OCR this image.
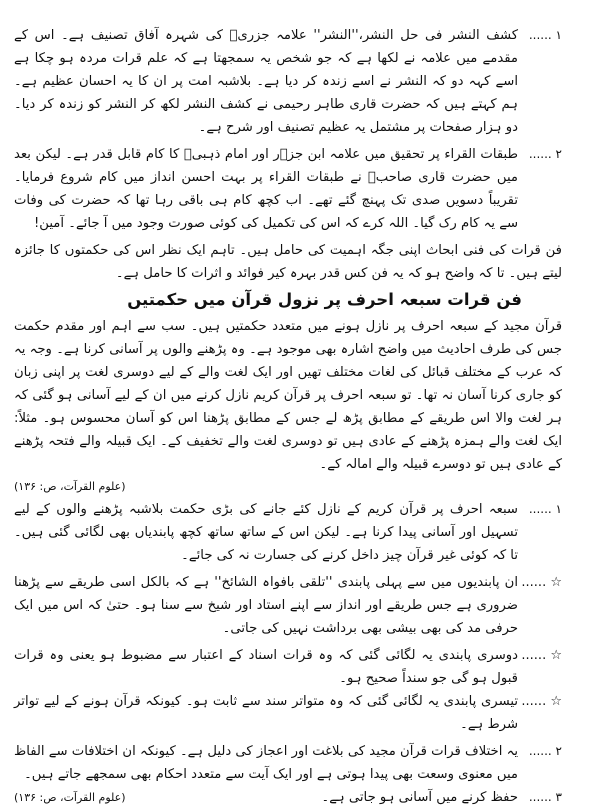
۱ ......

کشف النشر فی حل النشر،''النشر'' علامہ جزریؒ کی شہرہ آفاق تصنیف ہے۔ اس کے مقدمے میں علامہ نے لکھا ہے کہ جو شخص یہ سمجھتا ہے کہ علم قرات مردہ ہو چکا ہے اسے کہہ دو کہ النشر نے اسے زندہ کر دیا ہے۔ بلاشبہ امت پر ان کا یہ احسان عظیم ہے۔ ہم کہتے ہیں کہ حضرت قاری طاہر رحیمی نے کشف النشر لکھ کر النشر کو زندہ کر دیا۔ دو ہزار صفحات پر مشتمل یہ عظیم تصنیف اور شرح ہے۔

۲ ......

طبقات القراء پر تحقیق میں علامہ ابن جزؒر اور امام ذہبیؒ کا کام قابل قدر ہے۔ لیکن بعد میں حضرت قاری صاحبؒ نے طبقات القراء پر بہت احسن انداز میں کام شروع فرمایا۔ تقریباً دسویں صدی تک پہنچ گئے تھے۔ اب کچھ کام ہی باقی رہا تھا کہ حضرت کی وفات سے یہ کام رک گیا۔ اللہ کرے کہ اس کی تکمیل کی کوئی صورت وجود میں آ جائے۔ آمین!

فن قرات کی فنی ابحاث اپنی جگہ اہمیت کی حامل ہیں۔ تاہم ایک نظر اس کی حکمتوں کا جائزہ لیتے ہیں۔ تا کہ واضح ہو کہ یہ فن کس قدر بہرہ کیر فوائد و اثرات کا حامل ہے۔

فن قرات سبعہ احرف پر نزول قرآن میں حکمتیں

قرآن مجید کے سبعہ احرف پر نازل ہونے میں متعدد حکمتیں ہیں۔ سب سے اہم اور مقدم حکمت جس کی طرف احادیث میں واضح اشارہ بھی موجود ہے۔ وہ پڑھنے والوں پر آسانی کرنا ہے۔ وجہ یہ کہ عرب کے مختلف قبائل کی لغات مختلف تھیں اور ایک لغت والے کے لیے دوسری لغت پر اپنی زبان کو جاری کرنا آسان نہ تھا۔ تو سبعہ احرف پر قرآن کریم نازل کرنے میں ان کے لیے آسانی ہو گئی کہ ہر لغت والا اس طریقے کے مطابق پڑھ لے جس کے مطابق پڑھنا اس کو آسان محسوس ہو۔ مثلاً: ایک لغت والے ہمزہ پڑھنے کے عادی ہیں تو دوسری لغت والے تخفیف کے۔ ایک قبیلہ والے فتحہ پڑھنے کے عادی ہیں تو دوسرے قبیلہ والے امالہ کے۔

(علوم القرآت، ص: ۱۳۶)

۱ ......

سبعہ احرف پر قرآن کریم کے نازل کئے جانے کی بڑی حکمت بلاشبہ پڑھنے والوں کے لیے تسہیل اور آسانی پیدا کرنا ہے۔ لیکن اس کے ساتھ ساتھ کچھ پابندیاں بھی لگائی گئی ہیں۔ تا کہ کوئی غیر قرآن چیز داخل کرنے کی جسارت نہ کی جائے۔

☆ ......

ان پابندیوں میں سے پہلی پابندی ''تلقی بافواہ الشائخ'' ہے کہ بالکل اسی طریقے سے پڑھنا ضروری ہے جس طریقے اور انداز سے اپنے استاد اور شیخ سے سنا ہو۔ حتیٰ کہ اس میں ایک حرفی مد کی بھی بیشی بھی برداشت نہیں کی جاتی۔

☆ ......

دوسری پابندی یہ لگائی گئی کہ وہ قرات اسناد کے اعتبار سے مضبوط ہو یعنی وہ قرات قبول ہو گی جو سنداً صحیح ہو۔

☆ ......

تیسری پابندی یہ لگائی گئی کہ وہ متواتر سند سے ثابت ہو۔ کیونکہ قرآن ہونے کے لیے تواتر شرط ہے۔

۲ ......

یہ اختلاف قرات قرآن مجید کی بلاغت اور اعجاز کی دلیل ہے۔ کیونکہ ان اختلافات سے الفاظ میں معنوی وسعت بھی پیدا ہوتی ہے اور ایک آیت سے متعدد احکام بھی سمجھے جاتے ہیں۔

۳ ......
حفظ کرنے میں آسانی ہو جاتی ہے۔
(علوم القرآت، ص: ۱۳۶)
